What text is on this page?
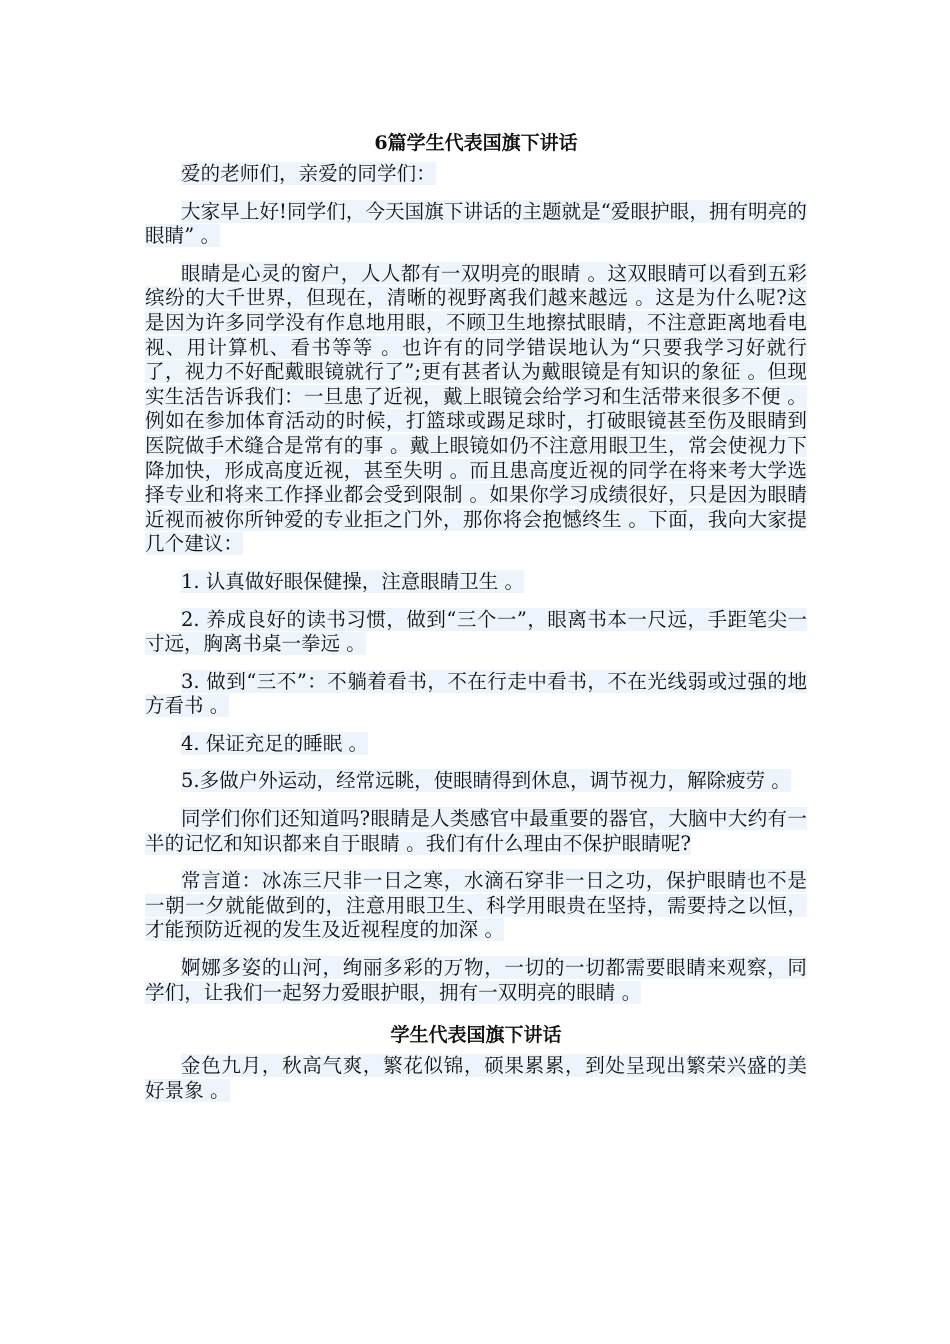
6篇学生代表国旗下讲话

爱的老师们，亲爱的同学们：

大家早上好!同学们，今天国旗下讲话的主题就是“爱眼护眼，拥有明亮的眼睛” 。

眼睛是心灵的窗户，人人都有一双明亮的眼睛 。这双眼睛可以看到五彩缤纷的大千世界，但现在，清晰的视野离我们越来越远 。这是为什么呢?这是因为许多同学没有作息地用眼，不顾卫生地擦拭眼睛，不注意距离地看电视、用计算机、看书等等 。也许有的同学错误地认为“只要我学习好就行了，视力不好配戴眼镜就行了”;更有甚者认为戴眼镜是有知识的象征 。但现实生活告诉我们：一旦患了近视，戴上眼镜会给学习和生活带来很多不便 。例如在参加体育活动的时候，打篮球或踢足球时，打破眼镜甚至伤及眼睛到医院做手术缝合是常有的事 。戴上眼镜如仍不注意用眼卫生，常会使视力下降加快，形成高度近视，甚至失明 。而且患高度近视的同学在将来考大学选择专业和将来工作择业都会受到限制 。如果你学习成绩很好，只是因为眼睛近视而被你所钟爱的专业拒之门外，那你将会抱憾终生 。下面，我向大家提几个建议：

1. 认真做好眼保健操，注意眼睛卫生 。

2. 养成良好的读书习惯，做到“三个一”，眼离书本一尺远，手距笔尖一寸远，胸离书桌一拳远 。

3. 做到“三不”：不躺着看书，不在行走中看书，不在光线弱或过强的地方看书 。

4. 保证充足的睡眠 。

5.多做户外运动，经常远眺，使眼睛得到休息，调节视力，解除疲劳 。

同学们你们还知道吗?眼睛是人类感官中最重要的器官，大脑中大约有一半的记忆和知识都来自于眼睛 。我们有什么理由不保护眼睛呢?

常言道：冰冻三尺非一日之寒，水滴石穿非一日之功，保护眼睛也不是一朝一夕就能做到的，注意用眼卫生、科学用眼贵在坚持，需要持之以恒，才能预防近视的发生及近视程度的加深 。

婀娜多姿的山河，绚丽多彩的万物，一切的一切都需要眼睛来观察，同学们，让我们一起努力爱眼护眼，拥有一双明亮的眼睛 。

学生代表国旗下讲话

金色九月，秋高气爽，繁花似锦，硕果累累，到处呈现出繁荣兴盛的美好景象 。
